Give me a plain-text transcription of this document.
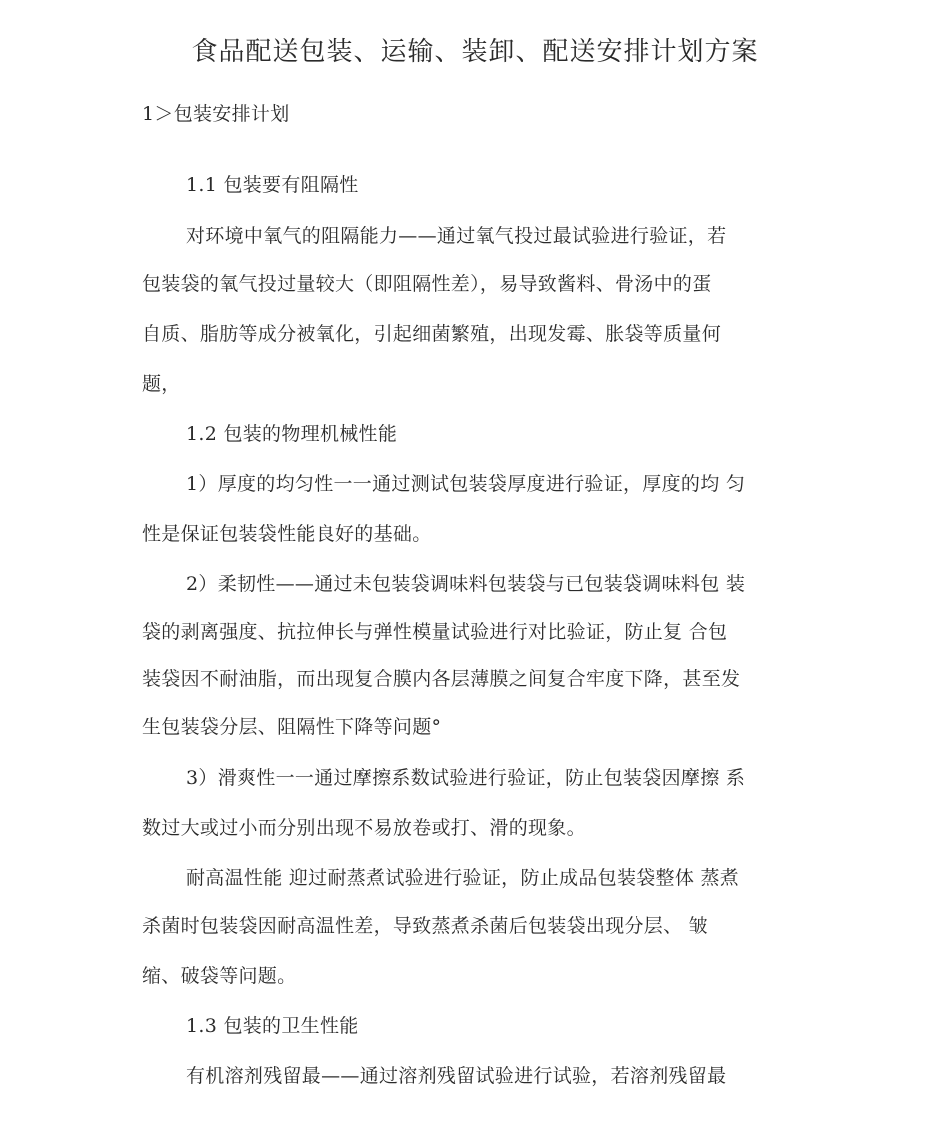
食品配送包装、运输、装卸、配送安排计划方案
1＞包装安排计划
1.1 包装要有阻隔性
对环境中氧气的阻隔能力——通过氧气投过最试验进行验证，若
包装袋的氧气投过量较大（即阻隔性差），易导致酱料、骨汤中的蛋
自质、脂肪等成分被氧化，引起细菌繁殖，出现发霉、胀袋等质量何
题，
1.2 包装的物理机械性能
1）厚度的均匀性一一通过测试包装袋厚度进行验证，厚度的均 匀
性是保证包装袋性能良好的基础。
2）柔韧性——通过未包装袋调味料包装袋与已包装袋调味料包 装
袋的剥离强度、抗拉伸长与弹性模量试验进行对比验证，防止复 合包
装袋因不耐油脂，而出现复合膜内各层薄膜之间复合牢度下降，甚至发
生包装袋分层、阻隔性下降等问题°
3）滑爽性一一通过摩擦系数试验进行验证，防止包装袋因摩擦 系
数过大或过小而分别出现不易放卷或打、滑的现象。
耐高温性能 迎过耐蒸煮试验进行验证，防止成品包装袋整体 蒸煮
杀菌时包装袋因耐高温性差，导致蒸煮杀菌后包装袋出现分层、 皱
缩、破袋等问题。
1.3 包装的卫生性能
有机溶剂残留最——通过溶剂残留试验进行试验，若溶剂残留最
